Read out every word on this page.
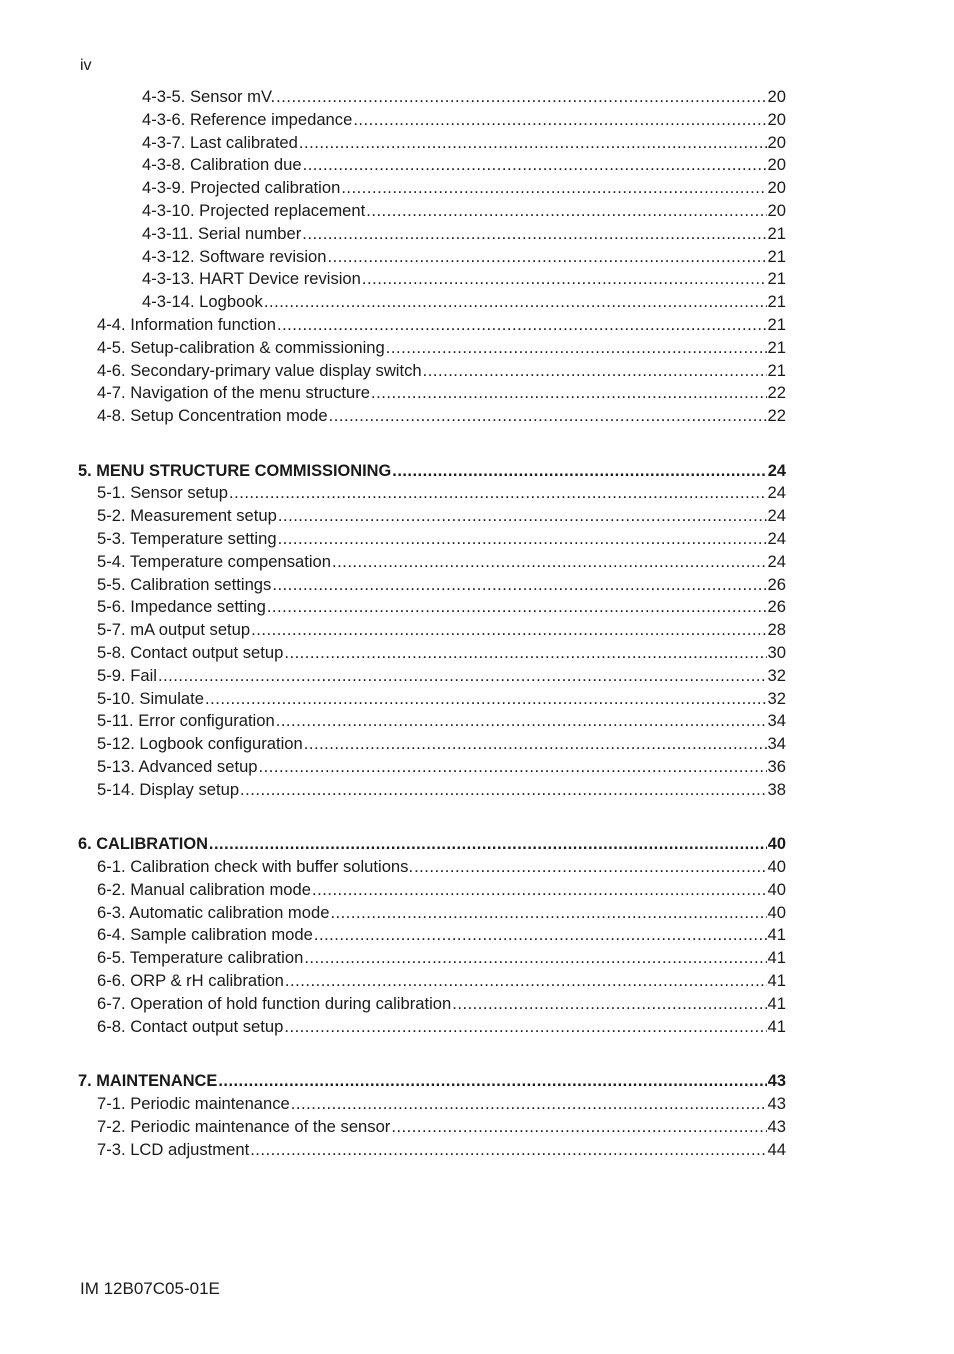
iv
4-3-5. Sensor mV. .....	20
4-3-6. Reference impedance .....	20
4-3-7. Last calibrated .....	20
4-3-8. Calibration due .....	20
4-3-9. Projected calibration .....	20
4-3-10. Projected replacement .....	20
4-3-11. Serial number .....	21
4-3-12. Software revision .....	21
4-3-13. HART Device revision .....	21
4-3-14. Logbook .....	21
4-4. Information function .....	21
4-5. Setup-calibration & commissioning .....	21
4-6. Secondary-primary value display switch .....	21
4-7. Navigation of the menu structure .....	22
4-8. Setup Concentration mode .....	22
5. MENU STRUCTURE COMMISSIONING .....	24
5-1. Sensor setup .....	24
5-2. Measurement setup .....	24
5-3. Temperature setting .....	24
5-4. Temperature compensation .....	24
5-5. Calibration settings .....	26
5-6. Impedance setting .....	26
5-7. mA output setup .....	28
5-8. Contact output setup .....	30
5-9. Fail .....	32
5-10. Simulate .....	32
5-11. Error configuration .....	34
5-12. Logbook configuration .....	34
5-13. Advanced setup .....	36
5-14. Display setup .....	38
6. CALIBRATION .....	40
6-1. Calibration check with buffer solutions. .....	40
6-2. Manual calibration mode .....	40
6-3. Automatic calibration mode .....	40
6-4. Sample calibration mode .....	41
6-5. Temperature calibration .....	41
6-6. ORP & rH calibration .....	41
6-7. Operation of hold function during calibration .....	41
6-8. Contact output setup .....	41
7. MAINTENANCE .....	43
7-1. Periodic maintenance .....	43
7-2. Periodic maintenance of the sensor .....	43
7-3. LCD adjustment .....	44
IM 12B07C05-01E
